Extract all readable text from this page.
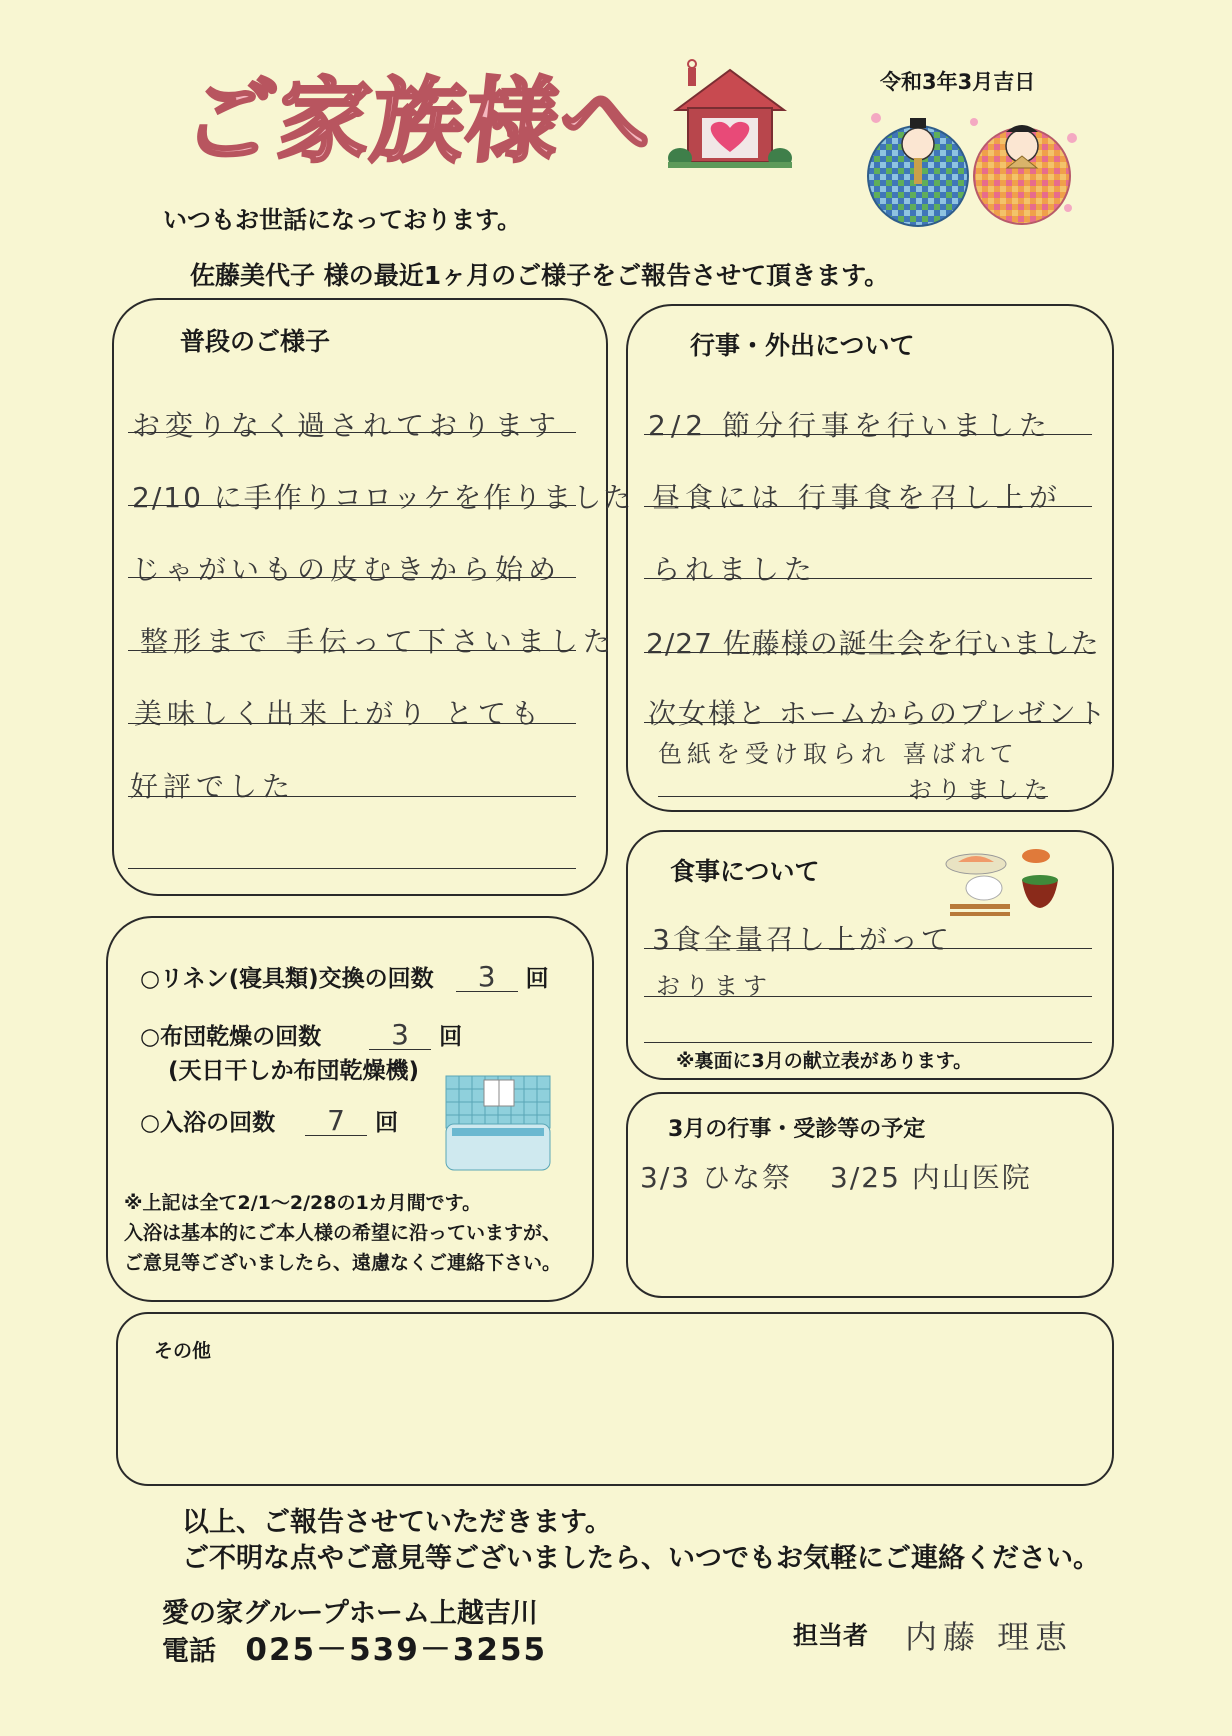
ご家族様へ	令和3年3月吉日
いつもお世話になっております。
佐藤美代子 様の最近1ヶ月のご様子をご報告させて頂きます。
普段のご様子
お変りなく過されております
2/10 に手作りコロッケを作りました
じゃがいもの皮むきから始め
整形まで 手伝って下さいました
美味しく出来上がり とても
好評でした
行事・外出について
2/2 節分行事を行いました
昼食には 行事食を召し上が
られました
2/27 佐藤様の誕生会を行いました
次女様と ホームからのプレゼント
色紙を受け取られ 喜ばれて
おりました
食事について
3食全量召し上がって
おります
※裏面に3月の献立表があります。
○リネン(寝具類)交換の回数 3 回
○布団乾燥の回数	3 回
(天日干しか布団乾燥機)
○入浴の回数 7 回
※上記は全て2/1～2/28の1カ月間です。
入浴は基本的にご本人様の希望に沿っていますが、
ご意見等ございましたら、遠慮なくご連絡下さい。
3月の行事・受診等の予定
3/3 ひな祭 3/25 内山医院
その他
以上、ご報告させていただきます。
ご不明な点やご意見等ございましたら、いつでもお気軽にご連絡ください。
愛の家グループホーム上越吉川
電話 025－539－3255	担当者 内藤 理恵
